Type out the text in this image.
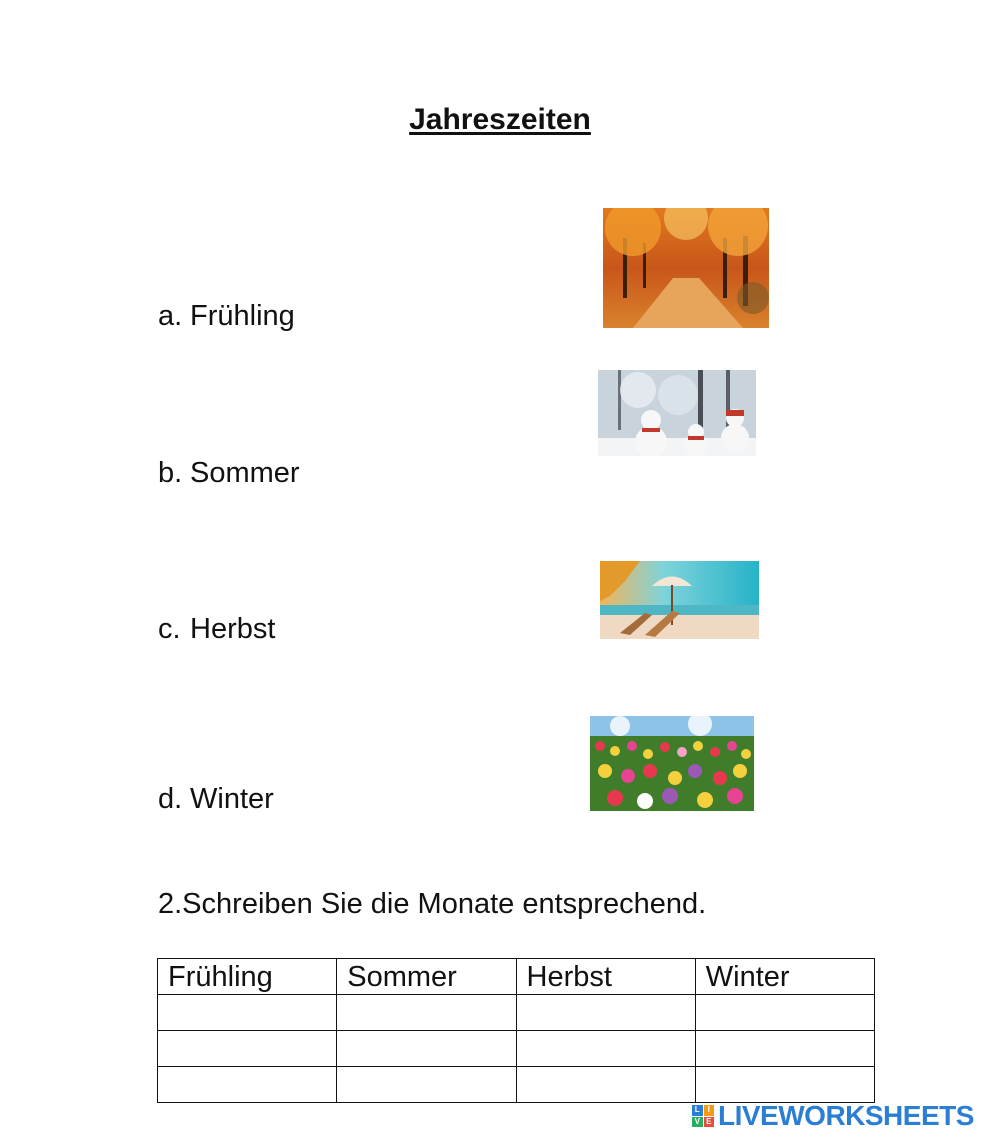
Jahreszeiten
a. Frühling
b. Sommer
c. Herbst
d. Winter
2.Schreiben Sie die Monate entsprechend.
Frühling	Sommer	Herbst	Winter

L I
V E LIVEWORKSHEETS
